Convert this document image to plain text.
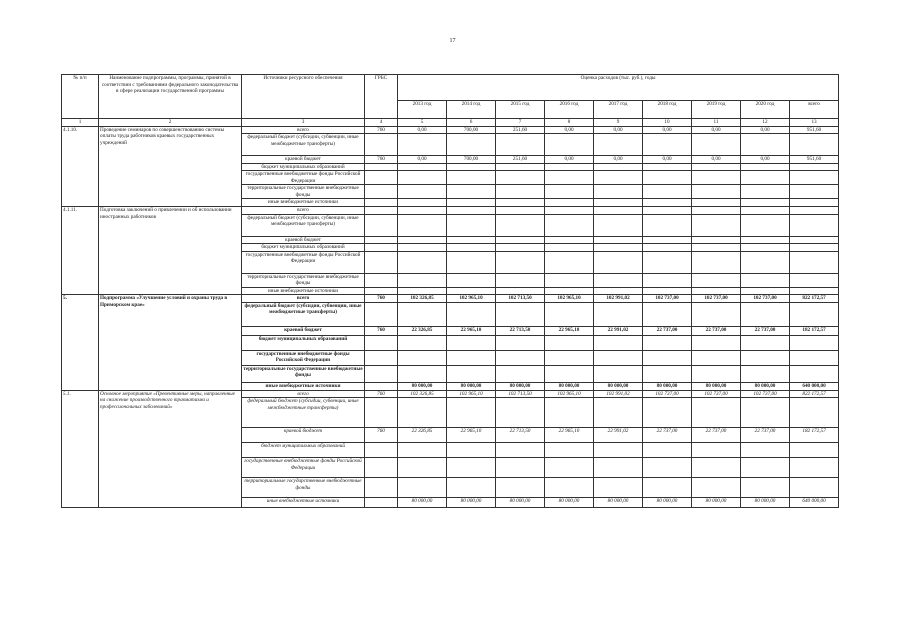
17
№ п/п	Наименование подпрограммы, программы, принятой в соответствии с требованиями федерального законодательства в сфере реализации государственной программы	Источники ресурсного обеспечения	ГРБС	Оценка расходов (тыс. руб.), годы								
				2013 год	2014 год	2015 год	2016 год	2017 год	2018 год	2019 год	2020 год	всего
1	2	3	4	5	6	7	8	9	10	11	12	13
4.1.10.	Проведение семинаров по совершенствованию системы оплаты труда работников краевых государственных учреждений	всего	760	0,00	700,00	251,60	0,00	0,00	0,00	0,00	0,00	951,60
		федеральный бюджет (субсидии, субвенции, иные межбюджетные трансферты)										
		краевой бюджет	760	0,00	700,00	251,60	0,00	0,00	0,00	0,00	0,00	951,60
		бюджет муниципальных образований										
		государственные внебюджетные фонды Российской Федерации										
		территориальные государственные внебюджетные фонды										
		иные внебюджетные источники										
4.1.11.	Подготовка заключений о привлечении и об использовании иностранных работников	всего										
		федеральный бюджет (субсидии, субвенции, иные межбюджетные трансферты)										
		краевой бюджет										
		бюджет муниципальных образований										
		государственные внебюджетные фонды Российской Федерации										
		территориальные государственные внебюджетные фонды										
		иные внебюджетные источники										
5.	Подпрограмма «Улучшение условий и охраны труда в Приморском крае»	всего	760	102 326,85	102 965,10	102 713,50	102 965,10	102 991,02	102 737,00	102 737,00	102 737,00	822 172,57
		федеральный бюджет (субсидии, субвенции, иные межбюджетные трансферты)										
		краевой бюджет	760	22 326,85	22 965,10	22 713,50	22 965,10	22 991,02	22 737,00	22 737,00	22 737,00	182 172,57
		бюджет муниципальных образований										
		государственные внебюджетные фонды Российской Федерации										
		территориальные государственные внебюджетные фонды										
		иные внебюджетные источники		80 000,00	80 000,00	80 000,00	80 000,00	80 000,00	80 000,00	80 000,00	80 000,00	640 000,00
5.1.	Основное мероприятие «Превентивные меры, направленные на снижение производственного травматизма и профессиональных заболеваний»	всего	760	102 326,85	102 965,10	102 713,50	102 965,10	102 991,02	102 737,00	102 737,00	102 737,00	822 172,57
		федеральный бюджет (субсидии, субвенции, иные межбюджетные трансферты)										
		краевой бюджет	760	22 326,85	22 965,10	22 713,50	22 965,10	22 991,02	22 737,00	22 737,00	22 737,00	182 172,57
		бюджет муниципальных образований										
		государственные внебюджетные фонды Российской Федерации										
		территориальные государственные внебюджетные фонды										
		иные внебюджетные источники		80 000,00	80 000,00	80 000,00	80 000,00	80 000,00	80 000,00	80 000,00	80 000,00	640 000,00
